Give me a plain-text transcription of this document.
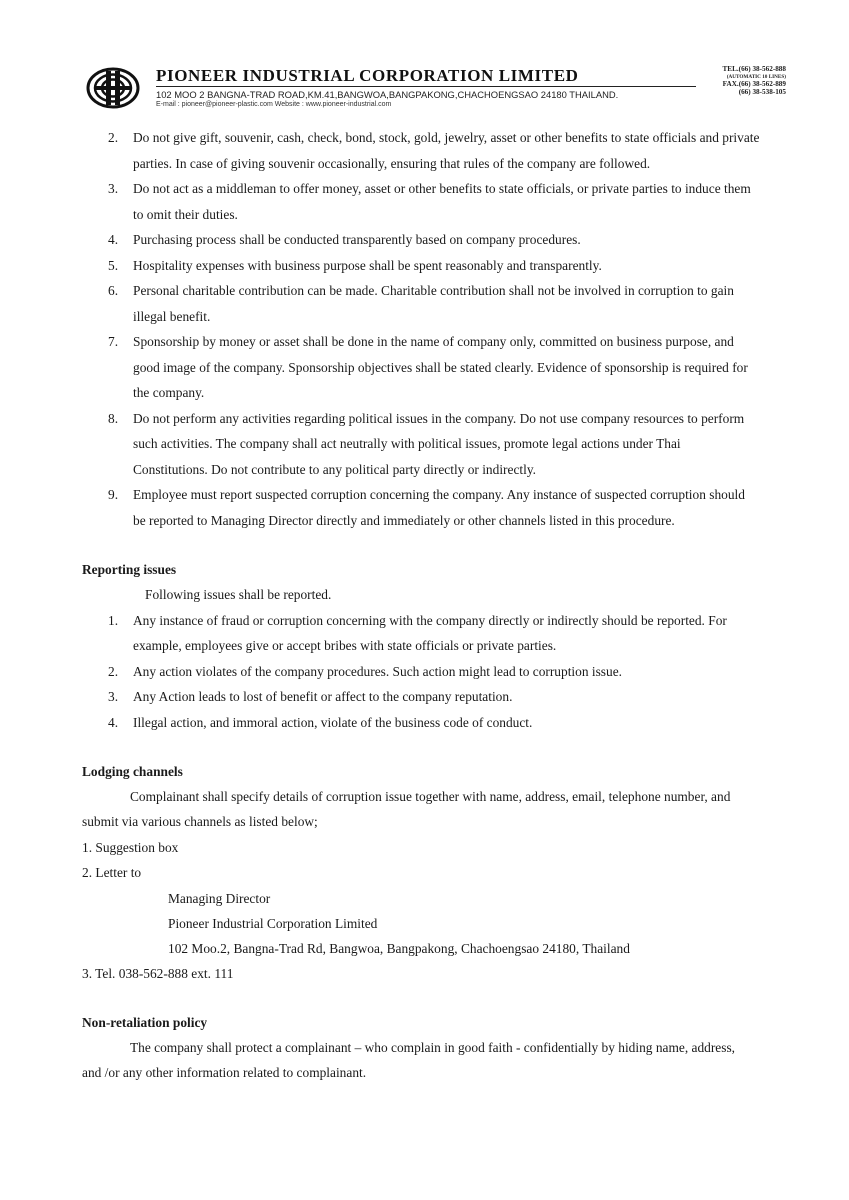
PIONEER INDUSTRIAL CORPORATION LIMITED
102 MOO 2 BANGNA-TRAD ROAD,KM.41,BANGWOA,BANGPAKONG,CHACHOENGSAO 24180 THAILAND.
E-mail : pioneer@pioneer-plastic.com Website : www.pioneer-industrial.com
TEL.(66) 38-562-888
(AUTOMATIC 10 LINES)
FAX.(66) 38-562-889
(66) 38-538-105
2. Do not give gift, souvenir, cash, check, bond, stock, gold, jewelry, asset or other benefits to state officials and private
parties. In case of giving souvenir occasionally, ensuring that rules of the company are followed.
3. Do not act as a middleman to offer money, asset or other benefits to state officials, or private parties to induce them
to omit their duties.
4. Purchasing process shall be conducted transparently based on company procedures.
5. Hospitality expenses with business purpose shall be spent reasonably and transparently.
6. Personal charitable contribution can be made. Charitable contribution shall not be involved in corruption to gain
illegal benefit.
7. Sponsorship by money or asset shall be done in the name of company only, committed on business purpose, and
good image of the company. Sponsorship objectives shall be stated clearly. Evidence of sponsorship is required for
the company.
8. Do not perform any activities regarding political issues in the company. Do not use company resources to perform
such activities. The company shall act neutrally with political issues, promote legal actions under Thai
Constitutions. Do not contribute to any political party directly or indirectly.
9. Employee must report suspected corruption concerning the company. Any instance of suspected corruption should
be reported to Managing Director directly and immediately or other channels listed in this procedure.
Reporting issues
Following issues shall be reported.
1. Any instance of fraud or corruption concerning with the company directly or indirectly should be reported. For
example, employees give or accept bribes with state officials or private parties.
2. Any action violates of the company procedures. Such action might lead to corruption issue.
3. Any Action leads to lost of benefit or affect to the company reputation.
4. Illegal action, and immoral action, violate of the business code of conduct.
Lodging channels
Complainant shall specify details of corruption issue together with name, address, email, telephone number, and
submit via various channels as listed below;
1. Suggestion box
2. Letter to
Managing Director
Pioneer Industrial Corporation Limited
102 Moo.2, Bangna-Trad Rd, Bangwoa, Bangpakong, Chachoengsao 24180, Thailand
3. Tel. 038-562-888 ext. 111
Non-retaliation policy
The company shall protect a complainant – who complain in good faith - confidentially by hiding name, address,
and /or any other information related to complainant.
